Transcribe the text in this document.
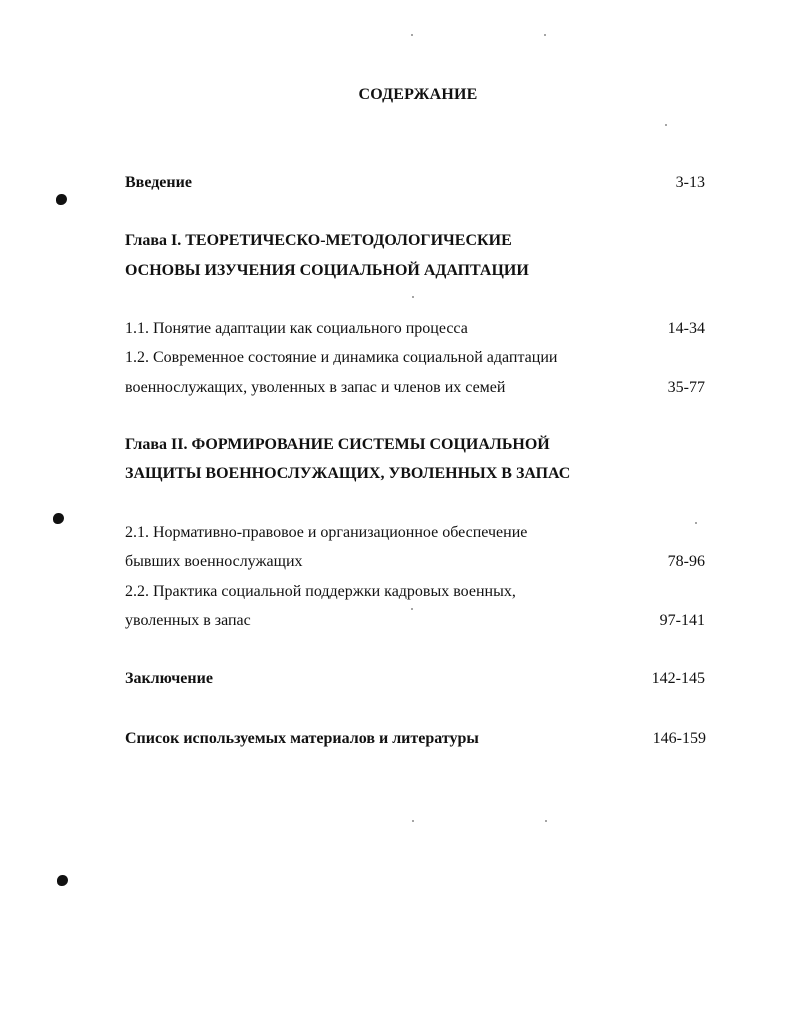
СОДЕРЖАНИЕ
Введение	3-13
Глава I. ТЕОРЕТИЧЕСКО-МЕТОДОЛОГИЧЕСКИЕ
ОСНОВЫ ИЗУЧЕНИЯ СОЦИАЛЬНОЙ АДАПТАЦИИ
1.1. Понятие адаптации как социального процесса	14-34
1.2. Современное состояние и динамика социальной адаптации
военнослужащих, уволенных в запас и членов их семей	35-77
Глава II. ФОРМИРОВАНИЕ СИСТЕМЫ СОЦИАЛЬНОЙ
ЗАЩИТЫ ВОЕННОСЛУЖАЩИХ, УВОЛЕННЫХ В ЗАПАС
2.1. Нормативно-правовое и организационное обеспечение
бывших военнослужащих	78-96
2.2. Практика социальной поддержки кадровых военных,
уволенных в запас	97-141
Заключение	142-145
Список используемых материалов и литературы	146-159
